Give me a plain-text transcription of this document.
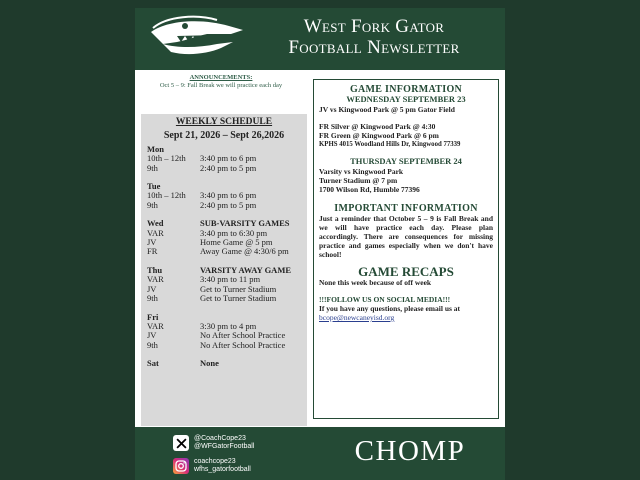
West Fork Gator
Football Newsletter
ANNOUNCEMENTS:
Oct 5 – 9: Fall Break we will practice each day
WEEKLY SCHEDULE
Sept 21, 2026 – Sept 26,2026
Mon
10th – 12th	3:40 pm to 6 pm
9th	2:40 pm to 5 pm
Tue
10th – 12th	3:40 pm to 6 pm
9th	2:40 pm to 5 pm
Wed	SUB-VARSITY GAMES
VAR	3:40 pm to 6:30 pm
JV	Home Game @ 5 pm
FR	Away Game @ 4:30/6 pm
Thu	VARSITY AWAY GAME
VAR	3:40 pm to 11 pm
JV	Get to Turner Stadium
9th	Get to Turner Stadium
Fri
VAR	3:30 pm to 4 pm
JV	No After School Practice
9th	No After School Practice
Sat	None
GAME INFORMATION
WEDNESDAY SEPTEMBER 23
JV vs Kingwood Park @ 5 pm Gator Field
FR Silver @ Kingwood Park @ 4:30
FR Green @ Kingwood Park @ 6 pm
KPHS 4015 Woodland Hills Dr, Kingwood 77339
THURSDAY SEPTEMBER 24
Varsity vs Kingwood Park
Turner Stadium @ 7 pm
1700 Wilson Rd, Humble 77396
IMPORTANT INFORMATION
Just a reminder that October 5 – 9 is Fall Break and we will have practice each day. Please plan accordingly. There are consequences for missing practice and games especially when we don't have school!
GAME RECAPS
None this week because of off week
!!!FOLLOW US ON SOCIAL MEDIA!!!
If you have any questions, please email us at
bcope@newcaneyisd.org
@CoachCope23
@WFGatorFootball
coachcope23
wfhs_gatorfootball
CHOMP
